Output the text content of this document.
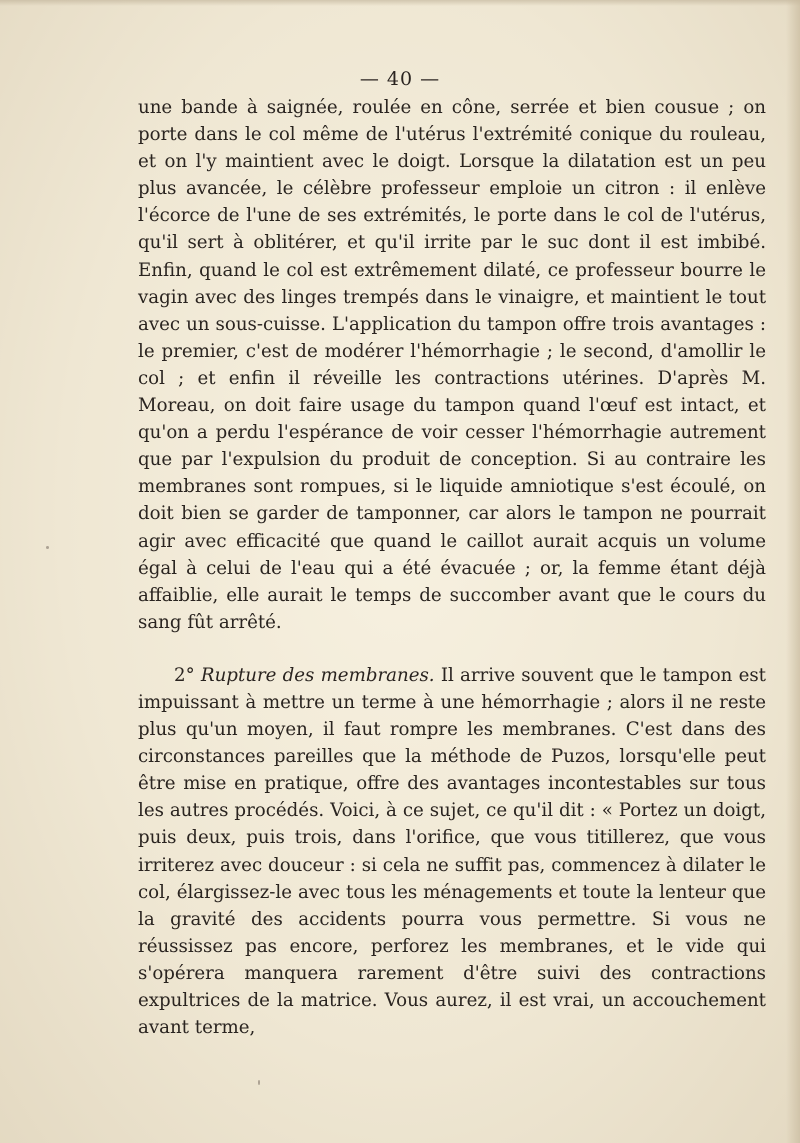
— 40 —

une bande à saignée, roulée en cône, serrée et bien cousue ; on porte dans le col même de l'utérus l'extrémité conique du rouleau, et on l'y maintient avec le doigt. Lorsque la dilatation est un peu plus avancée, le célèbre professeur emploie un citron : il enlève l'écorce de l'une de ses extrémités, le porte dans le col de l'utérus, qu'il sert à oblitérer, et qu'il irrite par le suc dont il est imbibé. Enfin, quand le col est extrêmement dilaté, ce professeur bourre le vagin avec des linges trempés dans le vinaigre, et maintient le tout avec un sous-cuisse. L'application du tampon offre trois avantages : le premier, c'est de modérer l'hémorrhagie ; le second, d'amollir le col ; et enfin il réveille les contractions utérines. D'après M. Moreau, on doit faire usage du tampon quand l'œuf est intact, et qu'on a perdu l'espérance de voir cesser l'hémorrhagie autrement que par l'expulsion du produit de conception. Si au contraire les membranes sont rompues, si le liquide amniotique s'est écoulé, on doit bien se garder de tamponner, car alors le tampon ne pourrait agir avec efficacité que quand le caillot aurait acquis un volume égal à celui de l'eau qui a été évacuée ; or, la femme étant déjà affaiblie, elle aurait le temps de succomber avant que le cours du sang fût arrêté.

2° Rupture des membranes. Il arrive souvent que le tampon est impuissant à mettre un terme à une hémorrhagie ; alors il ne reste plus qu'un moyen, il faut rompre les membranes. C'est dans des circonstances pareilles que la méthode de Puzos, lorsqu'elle peut être mise en pratique, offre des avantages incontestables sur tous les autres procédés. Voici, à ce sujet, ce qu'il dit : « Portez un doigt, puis deux, puis trois, dans l'orifice, que vous titillerez, que vous irriterez avec douceur : si cela ne suffit pas, commencez à dilater le col, élargissez-le avec tous les ménagements et toute la lenteur que la gravité des accidents pourra vous permettre. Si vous ne réussissez pas encore, perforez les membranes, et le vide qui s'opérera manquera rarement d'être suivi des contractions expultrices de la matrice. Vous aurez, il est vrai, un accouchement avant terme,
